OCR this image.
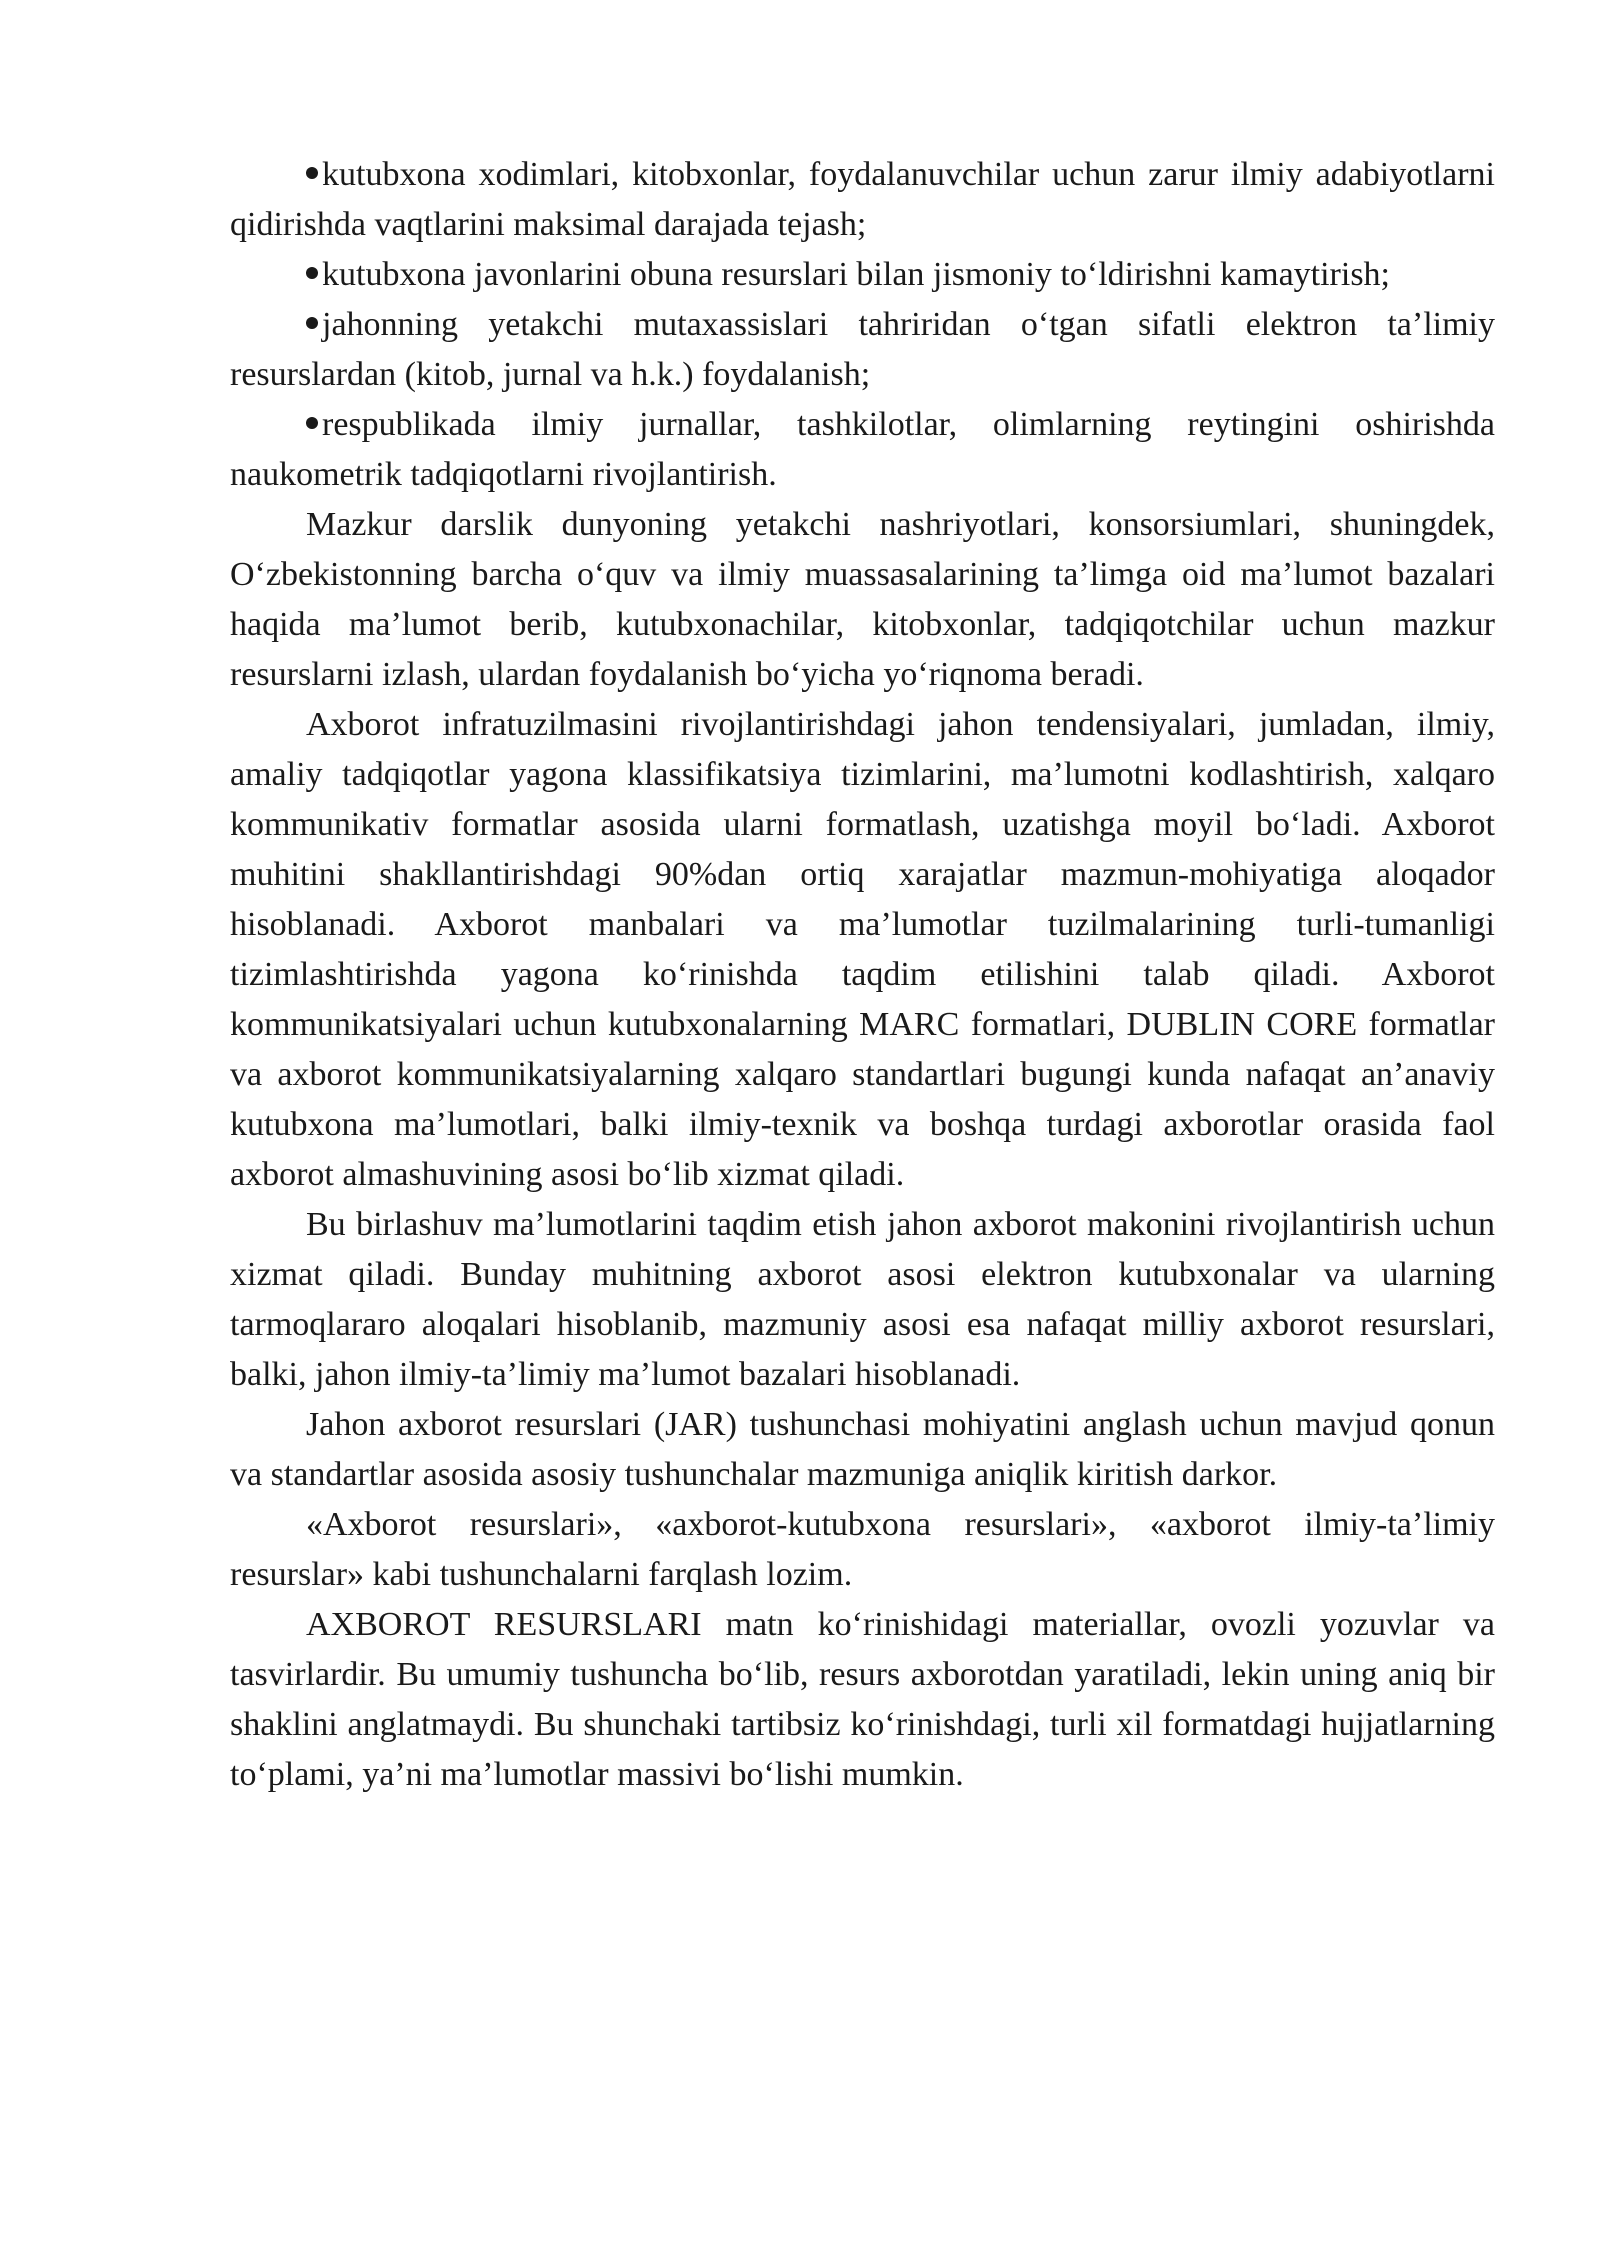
kutubxona xodimlari, kitobxonlar, foydalanuvchilar uchun zarur ilmiy adabiyotlarni qidirishda vaqtlarini maksimal darajada tejash;

kutubxona javonlarini obuna resurslari bilan jismoniy to‘ldirishni kamaytirish;

jahonning yetakchi mutaxassislari tahriridan o‘tgan sifatli elektron ta’limiy resurslardan (kitob, jurnal va h.k.) foydalanish;

respublikada ilmiy jurnallar, tashkilotlar, olimlarning reytingini oshirishda naukometrik tadqiqotlarni rivojlantirish.

Mazkur darslik dunyoning yetakchi nashriyotlari, konsorsiumlari, shuningdek, O‘zbekistonning barcha o‘quv va ilmiy muassasalarining ta’limga oid ma’lumot bazalari haqida ma’lumot berib, kutubxonachilar, kitobxonlar, tadqiqotchilar uchun mazkur resurslarni izlash, ulardan foydalanish bo‘yicha yo‘riqnoma beradi.

Axborot infratuzilmasini rivojlantirishdagi jahon tendensiyalari, jumladan, ilmiy, amaliy tadqiqotlar yagona klassifikatsiya tizimlarini, ma’lumotni kodlashtirish, xalqaro kommunikativ formatlar asosida ularni formatlash, uzatishga moyil bo‘ladi. Axborot muhitini shakllantirishdagi 90%dan ortiq xarajatlar mazmun-mohiyatiga aloqador hisoblanadi. Axborot manbalari va ma’lumotlar tuzilmalarining turli-tumanligi tizimlashtirishda yagona ko‘rinishda taqdim etilishini talab qiladi. Axborot kommunikatsiyalari uchun kutubxonalarning MARC formatlari, DUBLIN CORE formatlar va axborot kommunikatsiyalarning xalqaro standartlari bugungi kunda nafaqat an’anaviy kutubxona ma’lumotlari, balki ilmiy-texnik va boshqa turdagi axborotlar orasida faol axborot almashuvining asosi bo‘lib xizmat qiladi.

Bu birlashuv ma’lumotlarini taqdim etish jahon axborot makonini rivojlantirish uchun xizmat qiladi. Bunday muhitning axborot asosi elektron kutubxonalar va ularning tarmoqlararo aloqalari hisoblanib, mazmuniy asosi esa nafaqat milliy axborot resurslari, balki, jahon ilmiy-ta’limiy ma’lumot bazalari hisoblanadi.

Jahon axborot resurslari (JAR) tushunchasi mohiyatini anglash uchun mavjud qonun va standartlar asosida asosiy tushunchalar mazmuniga aniqlik kiritish darkor.

«Axborot resurslari», «axborot-kutubxona resurslari», «axborot ilmiy-ta’limiy resurslar» kabi tushunchalarni farqlash lozim.

AXBOROT RESURSLARI matn ko‘rinishidagi materiallar, ovozli yozuvlar va tasvirlardir. Bu umumiy tushuncha bo‘lib, resurs axborotdan yaratiladi, lekin uning aniq bir shaklini anglatmaydi. Bu shunchaki tartibsiz ko‘rinishdagi, turli xil formatdagi hujjatlarning to‘plami, ya’ni ma’lumotlar massivi bo‘lishi mumkin.
